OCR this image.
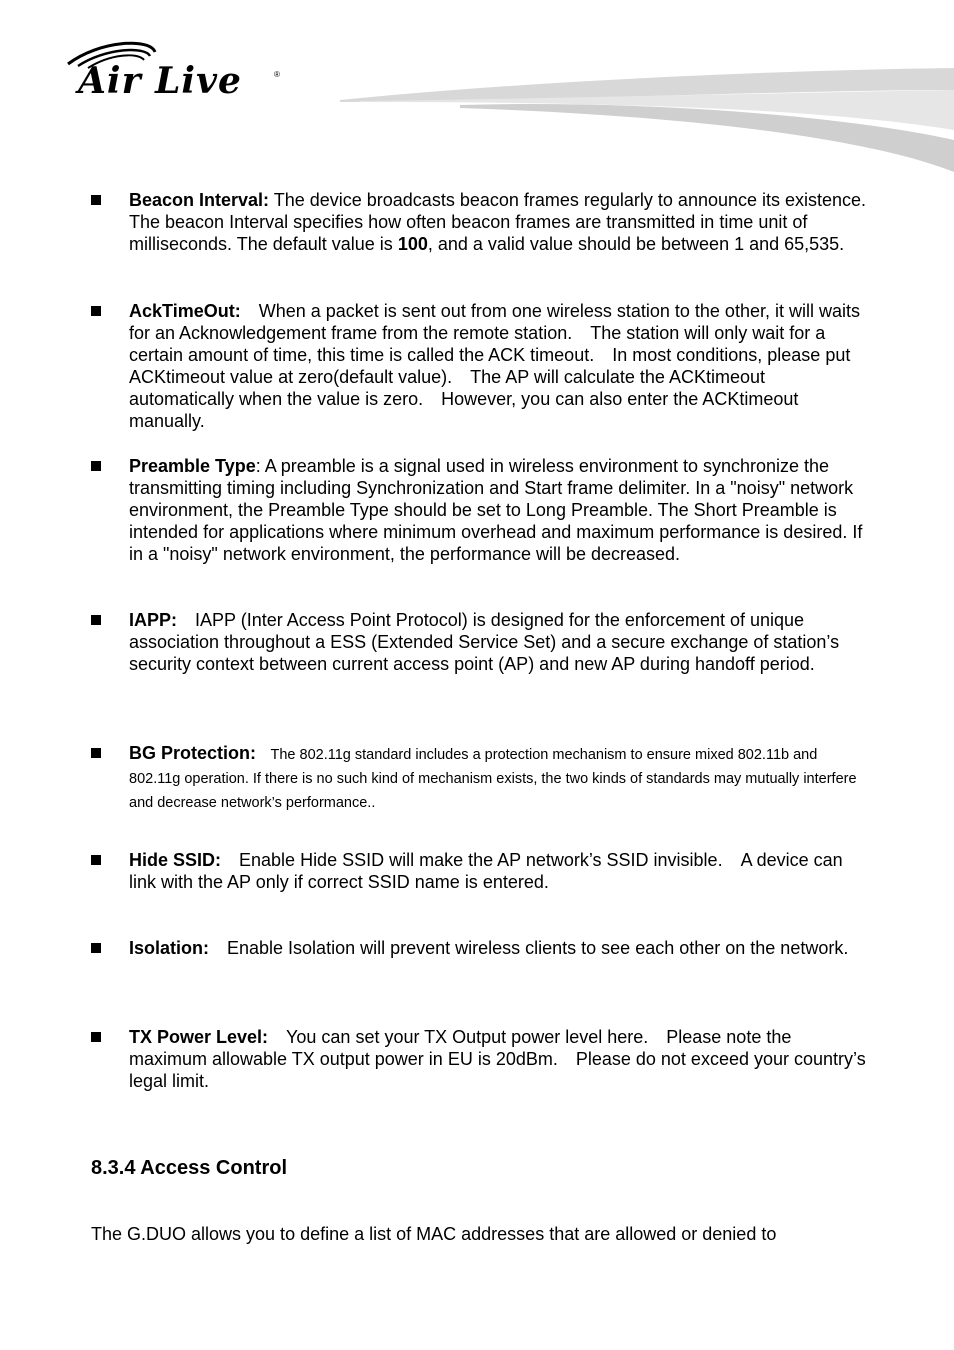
Air Live	®
Beacon Interval: The device broadcasts beacon frames regularly to announce its existence. The beacon Interval specifies how often beacon frames are transmitted in time unit of milliseconds. The default value is 100, and a valid value should be between 1 and 65,535.
AckTimeOut:　When a packet is sent out from one wireless station to the other, it will waits for an Acknowledgement frame from the remote station.　The station will only wait for a certain amount of time, this time is called the ACK timeout.　In most conditions, please put ACKtimeout value at zero(default value).　The AP will calculate the ACKtimeout automatically when the value is zero.　However, you can also enter the ACKtimeout manually.
Preamble Type: A preamble is a signal used in wireless environment to synchronize the transmitting timing including Synchronization and Start frame delimiter. In a "noisy" network environment, the Preamble Type should be set to Long Preamble. The Short Preamble is intended for applications where minimum overhead and maximum performance is desired. If in a "noisy" network environment, the performance will be decreased.
IAPP:　IAPP (Inter Access Point Protocol) is designed for the enforcement of unique association throughout a ESS (Extended Service Set) and a secure exchange of station’s security context between current access point (AP) and new AP during handoff period.
BG Protection:　The 802.11g standard includes a protection mechanism to ensure mixed 802.11b and 802.11g operation. If there is no such kind of mechanism exists, the two kinds of standards may mutually interfere and decrease network’s performance..
Hide SSID:　Enable Hide SSID will make the AP network’s SSID invisible.　A device can link with the AP only if correct SSID name is entered.
Isolation:　Enable Isolation will prevent wireless clients to see each other on the network.
TX Power Level:　You can set your TX Output power level here.　Please note the maximum allowable TX output power in EU is 20dBm.　Please do not exceed your country’s legal limit.
8.3.4 Access Control
The G.DUO allows you to define a list of MAC addresses that are allowed or denied to
